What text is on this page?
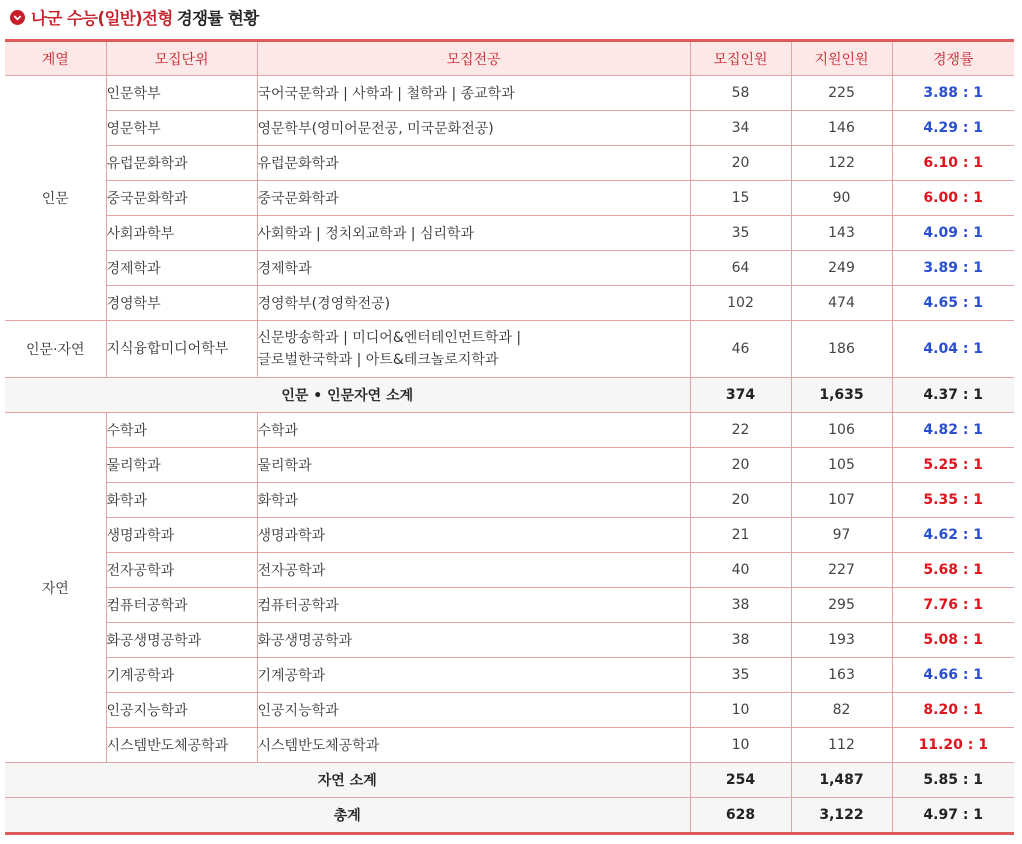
나군 수능(일반)전형 경쟁률 현황
계열	모집단위	모집전공	모집인원	지원인원	경쟁률
인문	인문학부	국어국문학과 | 사학과 | 철학과 | 종교학과	58	225	3.88 : 1
	영문학부	영문학부(영미어문전공, 미국문화전공)	34	146	4.29 : 1
	유럽문화학과	유럽문화학과	20	122	6.10 : 1
	중국문화학과	중국문화학과	15	90	6.00 : 1
	사회과학부	사회학과 | 정치외교학과 | 심리학과	35	143	4.09 : 1
	경제학과	경제학과	64	249	3.89 : 1
	경영학부	경영학부(경영학전공)	102	474	4.65 : 1
인문·자연	지식융합미디어학부	신문방송학과 | 미디어&엔터테인먼트학과 |
글로벌한국학과 | 아트&테크놀로지학과	46	186	4.04 : 1
인문 • 인문자연 소계			374	1,635	4.37 : 1
자연	수학과	수학과	22	106	4.82 : 1
	물리학과	물리학과	20	105	5.25 : 1
	화학과	화학과	20	107	5.35 : 1
	생명과학과	생명과학과	21	97	4.62 : 1
	전자공학과	전자공학과	40	227	5.68 : 1
	컴퓨터공학과	컴퓨터공학과	38	295	7.76 : 1
	화공생명공학과	화공생명공학과	38	193	5.08 : 1
	기계공학과	기계공학과	35	163	4.66 : 1
	인공지능학과	인공지능학과	10	82	8.20 : 1
	시스템반도체공학과	시스템반도체공학과	10	112	11.20 : 1
자연 소계			254	1,487	5.85 : 1
총계			628	3,122	4.97 : 1
